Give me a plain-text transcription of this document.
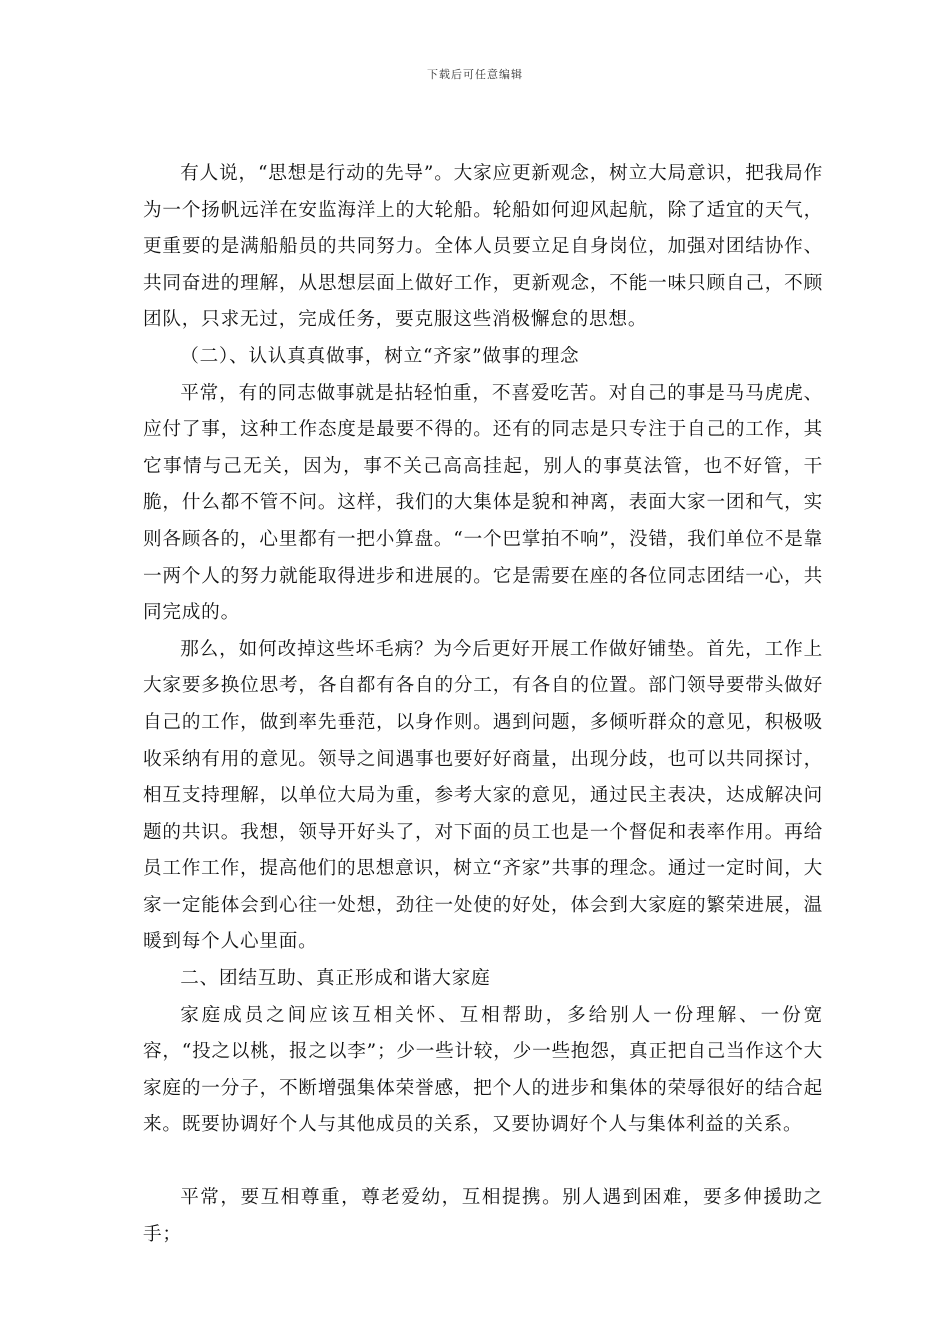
下载后可任意编辑

有人说，“思想是行动的先导”。大家应更新观念，树立大局意识，把我局作为一个扬帆远洋在安监海洋上的大轮船。轮船如何迎风起航，除了适宜的天气，更重要的是满船船员的共同努力。全体人员要立足自身岗位，加强对团结协作、共同奋进的理解，从思想层面上做好工作，更新观念，不能一味只顾自己，不顾团队，只求无过，完成任务，要克服这些消极懈怠的思想。

（二）、认认真真做事，树立“齐家”做事的理念

平常，有的同志做事就是拈轻怕重，不喜爱吃苦。对自己的事是马马虎虎、应付了事，这种工作态度是最要不得的。还有的同志是只专注于自己的工作，其它事情与己无关，因为，事不关己高高挂起，别人的事莫法管，也不好管，干脆，什么都不管不问。这样，我们的大集体是貌和神离，表面大家一团和气，实则各顾各的，心里都有一把小算盘。“一个巴掌拍不响”，没错，我们单位不是靠一两个人的努力就能取得进步和进展的。它是需要在座的各位同志团结一心，共同完成的。

那么，如何改掉这些坏毛病？为今后更好开展工作做好铺垫。首先，工作上大家要多换位思考，各自都有各自的分工，有各自的位置。部门领导要带头做好自己的工作，做到率先垂范，以身作则。遇到问题，多倾听群众的意见，积极吸收采纳有用的意见。领导之间遇事也要好好商量，出现分歧，也可以共同探讨，相互支持理解，以单位大局为重，参考大家的意见，通过民主表决，达成解决问题的共识。我想，领导开好头了，对下面的员工也是一个督促和表率作用。再给员工作工作，提高他们的思想意识，树立“齐家”共事的理念。通过一定时间，大家一定能体会到心往一处想，劲往一处使的好处，体会到大家庭的繁荣进展，温暖到每个人心里面。

二、团结互助、真正形成和谐大家庭

家庭成员之间应该互相关怀、互相帮助，多给别人一份理解、一份宽容，“投之以桃，报之以李”；少一些计较，少一些抱怨，真正把自己当作这个大家庭的一分子，不断增强集体荣誉感，把个人的进步和集体的荣辱很好的结合起来。既要协调好个人与其他成员的关系，又要协调好个人与集体利益的关系。

平常，要互相尊重，尊老爱幼，互相提携。别人遇到困难，要多伸援助之手；
